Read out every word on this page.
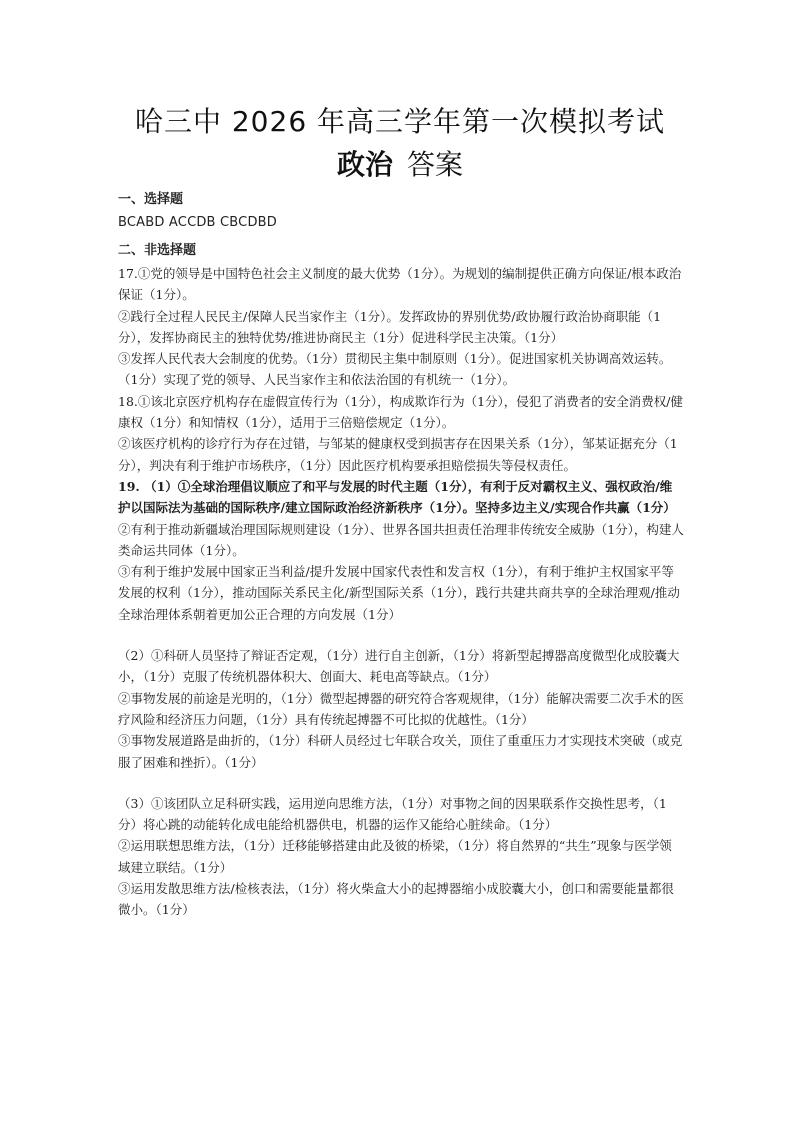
哈三中 2026 年高三学年第一次模拟考试
政治 答案
一、选择题
BCABD ACCDB CBCDBD
二、非选择题

17.①党的领导是中国特色社会主义制度的最大优势（1分）。为规划的编制提供正确方向保证/根本政治保证（1分）。

②践行全过程人民民主/保障人民当家作主（1分）。发挥政协的界别优势/政协履行政治协商职能（1分），发挥协商民主的独特优势/推进协商民主（1分）促进科学民主决策。（1分）

③发挥人民代表大会制度的优势。（1分）贯彻民主集中制原则（1分）。促进国家机关协调高效运转。（1分）实现了党的领导、人民当家作主和依法治国的有机统一（1分）。

18.①该北京医疗机构存在虚假宣传行为（1分），构成欺诈行为（1分），侵犯了消费者的安全消费权/健康权（1分）和知情权（1分），适用于三倍赔偿规定（1分）。

②该医疗机构的诊疗行为存在过错，与邹某的健康权受到损害存在因果关系（1分），邹某证据充分（1分），判决有利于维护市场秩序，（1分）因此医疗机构要承担赔偿损失等侵权责任。

19. （1）①全球治理倡议顺应了和平与发展的时代主题（1分），有利于反对霸权主义、强权政治/维护以国际法为基础的国际秩序/建立国际政治经济新秩序（1分）。坚持多边主义/实现合作共赢（1分）

②有利于推动新疆域治理国际规则建设（1分）、世界各国共担责任治理非传统安全威胁（1分），构建人类命运共同体（1分）。

③有利于维护发展中国家正当利益/提升发展中国家代表性和发言权（1分），有利于维护主权国家平等发展的权利（1分），推动国际关系民主化/新型国际关系（1分），践行共建共商共享的全球治理观/推动全球治理体系朝着更加公正合理的方向发展（1分）

（2）①科研人员坚持了辩证否定观，（1分）进行自主创新，（1分）将新型起搏器高度微型化成胶囊大小，（1分）克服了传统机器体积大、创面大、耗电高等缺点。（1分）

②事物发展的前途是光明的，（1分）微型起搏器的研究符合客观规律，（1分）能解决需要二次手术的医疗风险和经济压力问题，（1分）具有传统起搏器不可比拟的优越性。（1分）

③事物发展道路是曲折的，（1分）科研人员经过七年联合攻关，顶住了重重压力才实现技术突破（或克服了困难和挫折）。（1分）

（3）①该团队立足科研实践，运用逆向思维方法，（1分）对事物之间的因果联系作交换性思考，（1分）将心跳的动能转化成电能给机器供电，机器的运作又能给心脏续命。（1分）

②运用联想思维方法，（1分）迁移能够搭建由此及彼的桥梁，（1分）将自然界的“共生”现象与医学领域建立联结。（1分）

③运用发散思维方法/检核表法，（1分）将火柴盒大小的起搏器缩小成胶囊大小，创口和需要能量都很微小。（1分）
